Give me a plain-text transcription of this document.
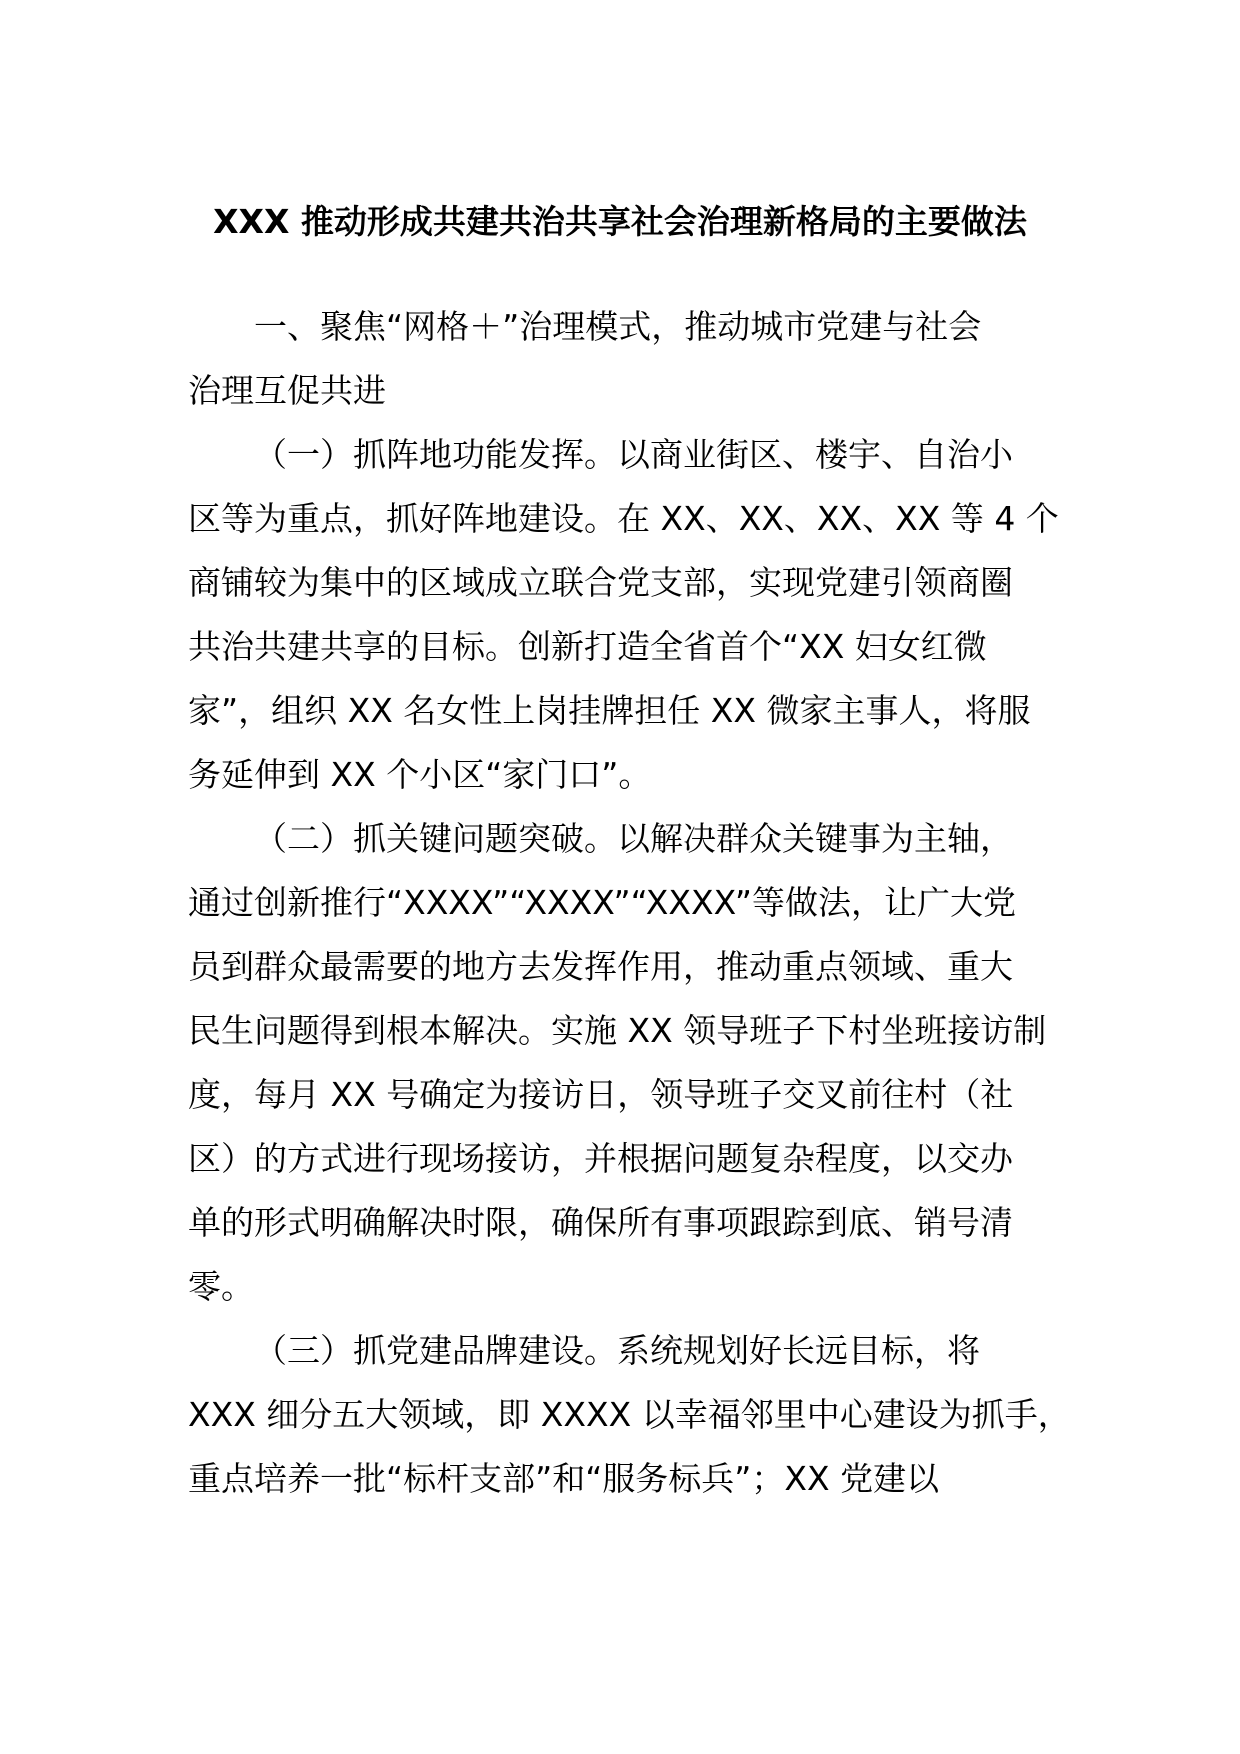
XXX 推动形成共建共治共享社会治理新格局的主要做法

一、聚焦“网格＋”治理模式，推动城市党建与社会
治理互促共进

（一）抓阵地功能发挥。以商业街区、楼宇、自治小
区等为重点，抓好阵地建设。在 XX、XX、XX、XX 等 4 个
商铺较为集中的区域成立联合党支部，实现党建引领商圈
共治共建共享的目标。创新打造全省首个“XX 妇女红微
家”，组织 XX 名女性上岗挂牌担任 XX 微家主事人，将服
务延伸到 XX 个小区“家门口”。

（二）抓关键问题突破。以解决群众关键事为主轴，
通过创新推行“XXXX”“XXXX”“XXXX”等做法，让广大党
员到群众最需要的地方去发挥作用，推动重点领域、重大
民生问题得到根本解决。实施 XX 领导班子下村坐班接访制
度，每月 XX 号确定为接访日，领导班子交叉前往村（社
区）的方式进行现场接访，并根据问题复杂程度，以交办
单的形式明确解决时限，确保所有事项跟踪到底、销号清
零。

（三）抓党建品牌建设。系统规划好长远目标，将
XXX 细分五大领域，即 XXXX 以幸福邻里中心建设为抓手，
重点培养一批“标杆支部”和“服务标兵”；XX 党建以
